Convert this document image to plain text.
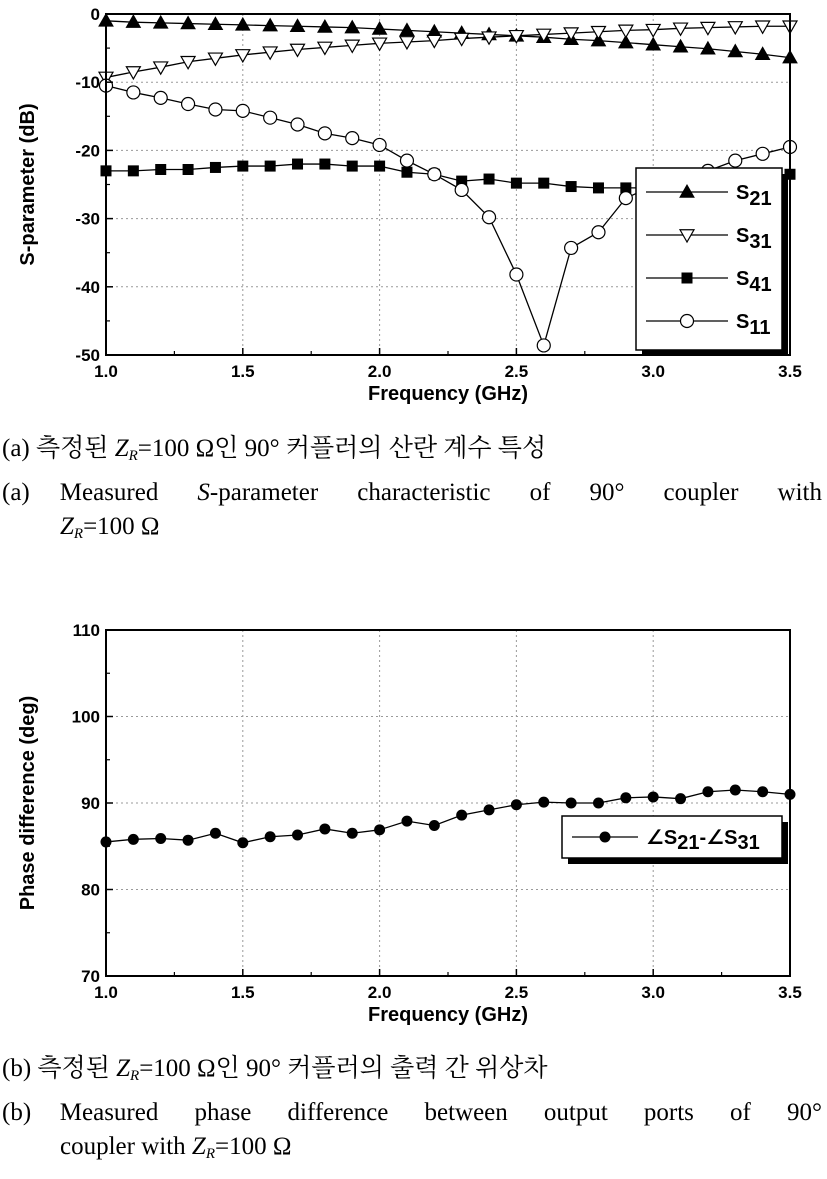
1.0	1.5	2.0	2.5	3.0	3.5
0
-10
-20
-30
-40
-50
Frequency (GHz)
S-parameter (dB)	S21
S31
S41
S11
(a) 측정된 $Z_R=100$ Ω인 90° 커플러의 산란 계수 특성
(a)	Measured S-parameter characteristic of 90° coupler with
$Z_R=100$ Ω
1.0	1.5	2.0	2.5	3.0	3.5
110
100
90
80
70
Frequency (GHz)
Phase difference (deg)	∠S21-∠S31
(b) 측정된 $Z_R=100$ Ω인 90° 커플러의 출력 간 위상차
(b)	Measured phase difference between output ports of 90°
coupler with $Z_R=100$ Ω
